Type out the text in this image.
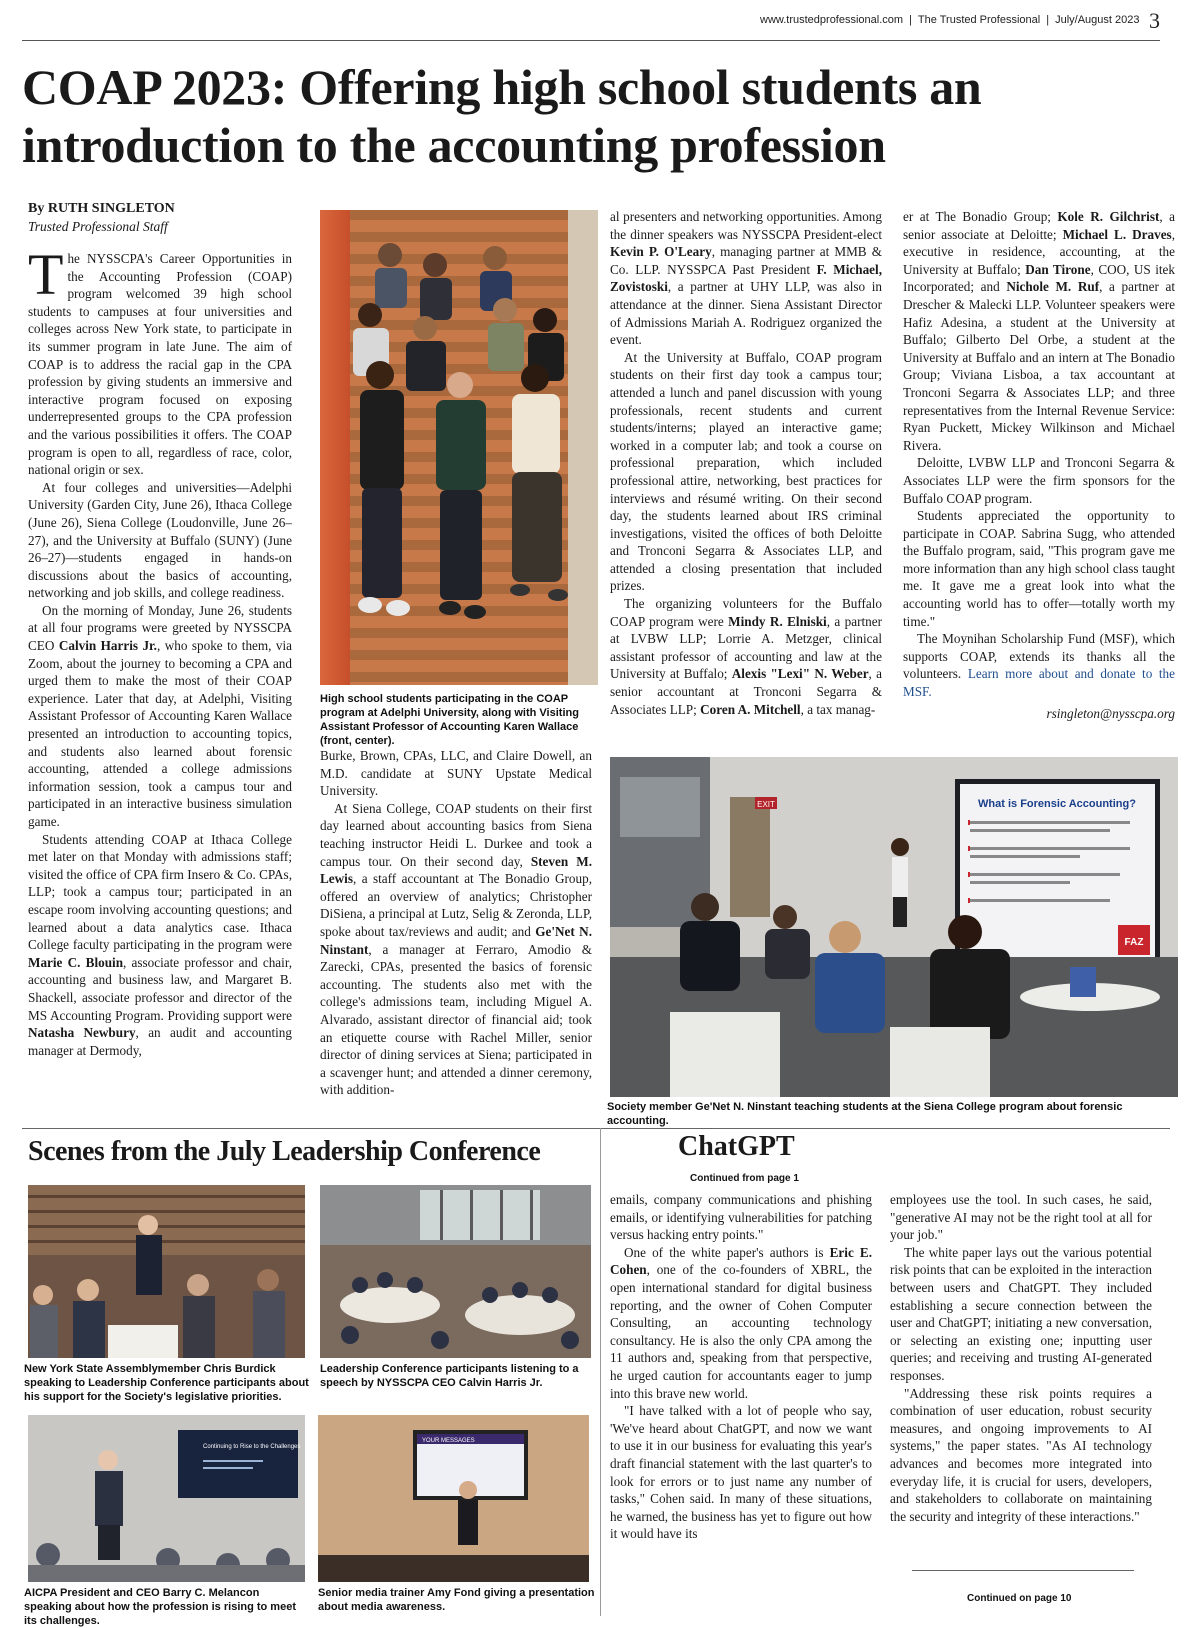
www.trustedprofessional.com | The Trusted Professional | July/August 2023 3
COAP 2023: Offering high school students an introduction to the accounting profession
By RUTH SINGLETON
Trusted Professional Staff

The NYSSCPA's Career Opportunities in the Accounting Profession (COAP) program welcomed 39 high school students to campuses at four universities and colleges across New York state, to participate in its summer program in late June. The aim of COAP is to address the racial gap in the CPA profession by giving students an immersive and interactive program focused on exposing underrepresented groups to the CPA profession and the various possibilities it offers. The COAP program is open to all, regardless of race, color, national origin or sex.

At four colleges and universities—Adelphi University (Garden City, June 26), Ithaca College (June 26), Siena College (Loudonville, June 26–27), and the University at Buffalo (SUNY) (June 26–27)—students engaged in hands-on discussions about the basics of accounting, networking and job skills, and college readiness.

On the morning of Monday, June 26, students at all four programs were greeted by NYSSCPA CEO Calvin Harris Jr., who spoke to them, via Zoom, about the journey to becoming a CPA and urged them to make the most of their COAP experience. Later that day, at Adelphi, Visiting Assistant Professor of Accounting Karen Wallace presented an introduction to accounting topics, and students also learned about forensic accounting, attended a college admissions information session, took a campus tour and participated in an interactive business simulation game.

Students attending COAP at Ithaca College met later on that Monday with admissions staff; visited the office of CPA firm Insero & Co. CPAs, LLP; took a campus tour; participated in an escape room involving accounting questions; and learned about a data analytics case. Ithaca College faculty participating in the program were Marie C. Blouin, associate professor and chair, accounting and business law, and Margaret B. Shackell, associate professor and director of the MS Accounting Program. Providing support were Natasha Newbury, an audit and accounting manager at Dermody,

High school students participating in the COAP program at Adelphi University, along with Visiting Assistant Professor of Accounting Karen Wallace (front, center).

Burke, Brown, CPAs, LLC, and Claire Dowell, an M.D. candidate at SUNY Upstate Medical University.

At Siena College, COAP students on their first day learned about accounting basics from Siena teaching instructor Heidi L. Durkee and took a campus tour. On their second day, Steven M. Lewis, a staff accountant at The Bonadio Group, offered an overview of analytics; Christopher DiSiena, a principal at Lutz, Selig & Zeronda, LLP, spoke about tax/reviews and audit; and Ge'Net N. Ninstant, a manager at Ferraro, Amodio & Zarecki, CPAs, presented the basics of forensic accounting. The students also met with the college's admissions team, including Miguel A. Alvarado, assistant director of financial aid; took an etiquette course with Rachel Miller, senior director of dining services at Siena; participated in a scavenger hunt; and attended a dinner ceremony, with addition-

al presenters and networking opportunities. Among the dinner speakers was NYSSCPA President-elect Kevin P. O'Leary, managing partner at MMB & Co. LLP. NYSSPCA Past President F. Michael, Zovistoski, a partner at UHY LLP, was also in attendance at the dinner. Siena Assistant Director of Admissions Mariah A. Rodriguez organized the event.

At the University at Buffalo, COAP program students on their first day took a campus tour; attended a lunch and panel discussion with young professionals, recent students and current students/interns; played an interactive game; worked in a computer lab; and took a course on professional preparation, which included professional attire, networking, best practices for interviews and résumé writing. On their second day, the students learned about IRS criminal investigations, visited the offices of both Deloitte and Tronconi Segarra & Associates LLP, and attended a closing presentation that included prizes.

The organizing volunteers for the Buffalo COAP program were Mindy R. Elniski, a partner at LVBW LLP; Lorrie A. Metzger, clinical assistant professor of accounting and law at the University at Buffalo; Alexis "Lexi" N. Weber, a senior accountant at Tronconi Segarra & Associates LLP; Coren A. Mitchell, a tax manag-

er at The Bonadio Group; Kole R. Gilchrist, a senior associate at Deloitte; Michael L. Draves, executive in residence, accounting, at the University at Buffalo; Dan Tirone, COO, US itek Incorporated; and Nichole M. Ruf, a partner at Drescher & Malecki LLP. Volunteer speakers were Hafiz Adesina, a student at the University at Buffalo; Gilberto Del Orbe, a student at the University at Buffalo and an intern at The Bonadio Group; Viviana Lisboa, a tax accountant at Tronconi Segarra & Associates LLP; and three representatives from the Internal Revenue Service: Ryan Puckett, Mickey Wilkinson and Michael Rivera.

Deloitte, LVBW LLP and Tronconi Segarra & Associates LLP were the firm sponsors for the Buffalo COAP program.

Students appreciated the opportunity to participate in COAP. Sabrina Sugg, who attended the Buffalo program, said, "This program gave me more information than any high school class taught me. It gave me a great look into what the accounting world has to offer—totally worth my time."

The Moynihan Scholarship Fund (MSF), which supports COAP, extends its thanks all the volunteers. Learn more about and donate to the MSF.

rsingleton@nysscpa.org

EXIT	What is Forensic Accounting?
FAZ
Society member Ge'Net N. Ninstant teaching students at the Siena College program about forensic accounting.
Scenes from the July Leadership Conference
New York State Assemblymember Chris Burdick speaking to Leadership Conference participants about his support for the Society's legislative priorities.
Leadership Conference participants listening to a speech by NYSSCPA CEO Calvin Harris Jr.
Continuing to Rise to the Challenges
AICPA President and CEO Barry C. Melancon speaking about how the profession is rising to meet its challenges.
YOUR MESSAGES
Senior media trainer Amy Fond giving a presentation about media awareness.
ChatGPT
Continued from page 1

emails, company communications and phishing emails, or identifying vulnerabilities for patching versus hacking entry points."

One of the white paper's authors is Eric E. Cohen, one of the co-founders of XBRL, the open international standard for digital business reporting, and the owner of Cohen Computer Consulting, an accounting technology consultancy. He is also the only CPA among the 11 authors and, speaking from that perspective, he urged caution for accountants eager to jump into this brave new world.

"I have talked with a lot of people who say, 'We've heard about ChatGPT, and now we want to use it in our business for evaluating this year's draft financial statement with the last quarter's to look for errors or to just name any number of tasks," Cohen said. In many of these situations, he warned, the business has yet to figure out how it would have its

employees use the tool. In such cases, he said, "generative AI may not be the right tool at all for your job."

The white paper lays out the various potential risk points that can be exploited in the interaction between users and ChatGPT. They included establishing a secure connection between the user and ChatGPT; initiating a new conversation, or selecting an existing one; inputting user queries; and receiving and trusting AI-generated responses.

"Addressing these risk points requires a combination of user education, robust security measures, and ongoing improvements to AI systems," the paper states. "As AI technology advances and becomes more integrated into everyday life, it is crucial for users, developers, and stakeholders to collaborate on maintaining the security and integrity of these interactions."

Continued on page 10
